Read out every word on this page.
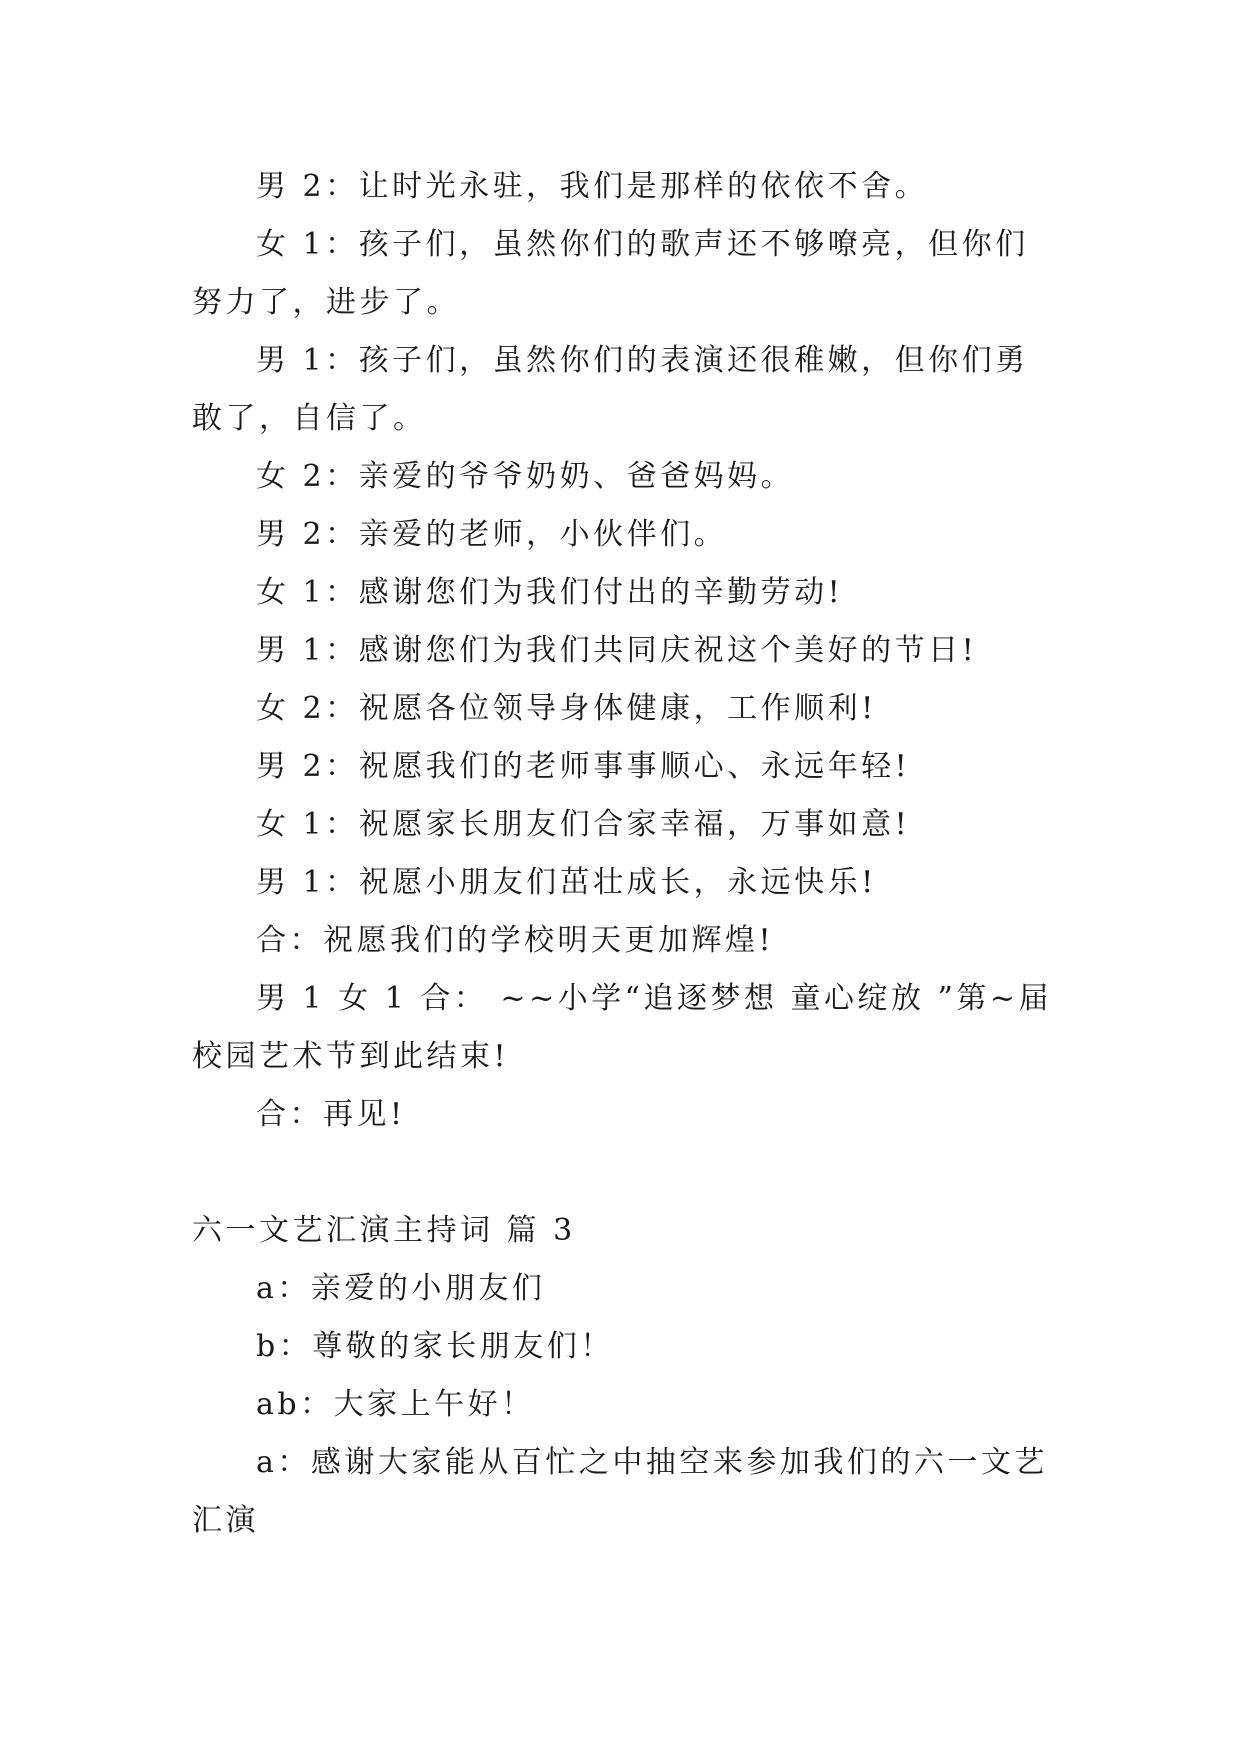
男 2：让时光永驻，我们是那样的依依不舍。

女 1：孩子们，虽然你们的歌声还不够嘹亮，但你们努力了，进步了。

男 1：孩子们，虽然你们的表演还很稚嫩，但你们勇敢了，自信了。

女 2：亲爱的爷爷奶奶、爸爸妈妈。

男 2：亲爱的老师，小伙伴们。

女 1：感谢您们为我们付出的辛勤劳动!

男 1：感谢您们为我们共同庆祝这个美好的节日!

女 2：祝愿各位领导身体健康，工作顺利!

男 2：祝愿我们的老师事事顺心、永远年轻!

女 1：祝愿家长朋友们合家幸福，万事如意!

男 1：祝愿小朋友们茁壮成长，永远快乐!

合：祝愿我们的学校明天更加辉煌!

男 1 女 1 合： ~~小学“追逐梦想 童心绽放 ”第~届校园艺术节到此结束!

合：再见!

六一文艺汇演主持词 篇 3

a：亲爱的小朋友们

b：尊敬的家长朋友们！

ab：大家上午好！

a：感谢大家能从百忙之中抽空来参加我们的六一文艺汇演
